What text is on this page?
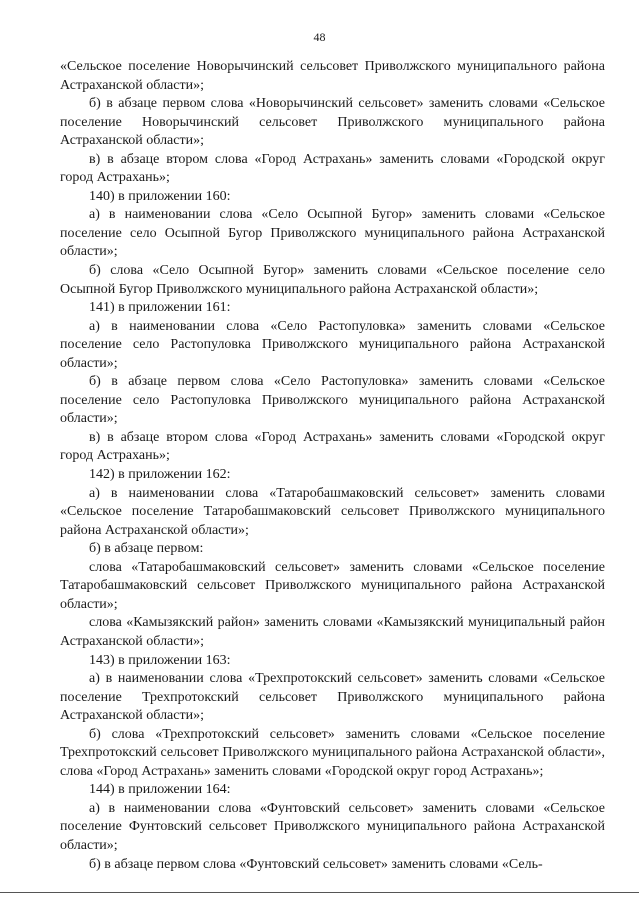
48

«Сельское поселение Новорычинский сельсовет Приволжского муниципального района Астраханской области»;

б) в абзаце первом слова «Новорычинский сельсовет» заменить словами «Сельское поселение Новорычинский сельсовет Приволжского муниципального района Астраханской области»;

в) в абзаце втором слова «Город Астрахань» заменить словами «Городской округ город Астрахань»;

140) в приложении 160:

а) в наименовании слова «Село Осыпной Бугор» заменить словами «Сельское поселение село Осыпной Бугор Приволжского муниципального района Астраханской области»;

б) слова «Село Осыпной Бугор» заменить словами «Сельское поселение село Осыпной Бугор Приволжского муниципального района Астраханской области»;

141) в приложении 161:

а) в наименовании слова «Село Растопуловка» заменить словами «Сельское поселение село Растопуловка Приволжского муниципального района Астраханской области»;

б) в абзаце первом слова «Село Растопуловка» заменить словами «Сельское поселение село Растопуловка Приволжского муниципального района Астраханской области»;

в) в абзаце втором слова «Город Астрахань» заменить словами «Городской округ город Астрахань»;

142) в приложении 162:

а) в наименовании слова «Татаробашмаковский сельсовет» заменить словами «Сельское поселение Татаробашмаковский сельсовет Приволжского муниципального района Астраханской области»;

б) в абзаце первом:

слова «Татаробашмаковский сельсовет» заменить словами «Сельское поселение Татаробашмаковский сельсовет Приволжского муниципального района Астраханской области»;

слова «Камызякский район» заменить словами «Камызякский муниципальный район Астраханской области»;

143) в приложении 163:

а) в наименовании слова «Трехпротокский сельсовет» заменить словами «Сельское поселение Трехпротокский сельсовет Приволжского муниципального района Астраханской области»;

б) слова «Трехпротокский сельсовет» заменить словами «Сельское поселение Трехпротокский сельсовет Приволжского муниципального района Астраханской области», слова «Город Астрахань» заменить словами «Городской округ город Астрахань»;

144) в приложении 164:

а) в наименовании слова «Фунтовский сельсовет» заменить словами «Сельское поселение Фунтовский сельсовет Приволжского муниципального района Астраханской области»;

б) в абзаце первом слова «Фунтовский сельсовет» заменить словами «Сель-
